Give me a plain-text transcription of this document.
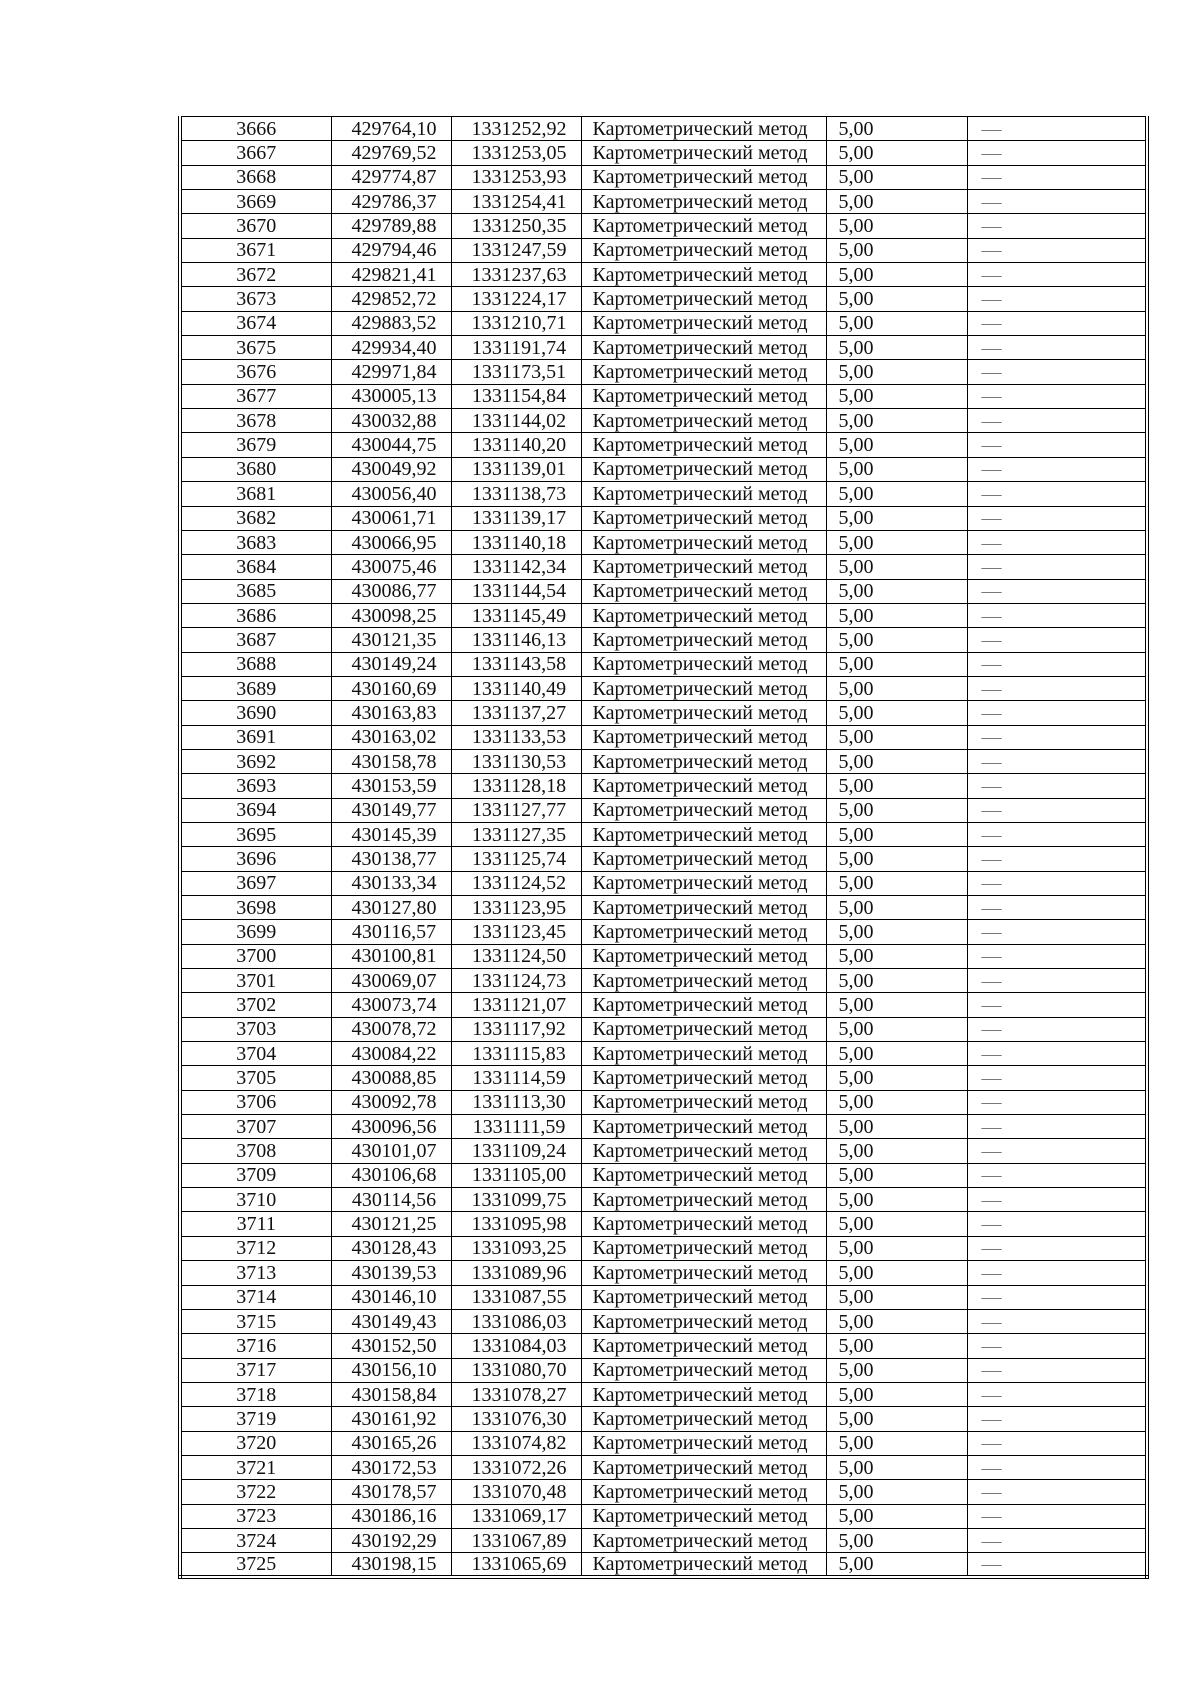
3666	429764,10	1331252,92	Картометрический метод	5,00	—
3667	429769,52	1331253,05	Картометрический метод	5,00	—
3668	429774,87	1331253,93	Картометрический метод	5,00	—
3669	429786,37	1331254,41	Картометрический метод	5,00	—
3670	429789,88	1331250,35	Картометрический метод	5,00	—
3671	429794,46	1331247,59	Картометрический метод	5,00	—
3672	429821,41	1331237,63	Картометрический метод	5,00	—
3673	429852,72	1331224,17	Картометрический метод	5,00	—
3674	429883,52	1331210,71	Картометрический метод	5,00	—
3675	429934,40	1331191,74	Картометрический метод	5,00	—
3676	429971,84	1331173,51	Картометрический метод	5,00	—
3677	430005,13	1331154,84	Картометрический метод	5,00	—
3678	430032,88	1331144,02	Картометрический метод	5,00	—
3679	430044,75	1331140,20	Картометрический метод	5,00	—
3680	430049,92	1331139,01	Картометрический метод	5,00	—
3681	430056,40	1331138,73	Картометрический метод	5,00	—
3682	430061,71	1331139,17	Картометрический метод	5,00	—
3683	430066,95	1331140,18	Картометрический метод	5,00	—
3684	430075,46	1331142,34	Картометрический метод	5,00	—
3685	430086,77	1331144,54	Картометрический метод	5,00	—
3686	430098,25	1331145,49	Картометрический метод	5,00	—
3687	430121,35	1331146,13	Картометрический метод	5,00	—
3688	430149,24	1331143,58	Картометрический метод	5,00	—
3689	430160,69	1331140,49	Картометрический метод	5,00	—
3690	430163,83	1331137,27	Картометрический метод	5,00	—
3691	430163,02	1331133,53	Картометрический метод	5,00	—
3692	430158,78	1331130,53	Картометрический метод	5,00	—
3693	430153,59	1331128,18	Картометрический метод	5,00	—
3694	430149,77	1331127,77	Картометрический метод	5,00	—
3695	430145,39	1331127,35	Картометрический метод	5,00	—
3696	430138,77	1331125,74	Картометрический метод	5,00	—
3697	430133,34	1331124,52	Картометрический метод	5,00	—
3698	430127,80	1331123,95	Картометрический метод	5,00	—
3699	430116,57	1331123,45	Картометрический метод	5,00	—
3700	430100,81	1331124,50	Картометрический метод	5,00	—
3701	430069,07	1331124,73	Картометрический метод	5,00	—
3702	430073,74	1331121,07	Картометрический метод	5,00	—
3703	430078,72	1331117,92	Картометрический метод	5,00	—
3704	430084,22	1331115,83	Картометрический метод	5,00	—
3705	430088,85	1331114,59	Картометрический метод	5,00	—
3706	430092,78	1331113,30	Картометрический метод	5,00	—
3707	430096,56	1331111,59	Картометрический метод	5,00	—
3708	430101,07	1331109,24	Картометрический метод	5,00	—
3709	430106,68	1331105,00	Картометрический метод	5,00	—
3710	430114,56	1331099,75	Картометрический метод	5,00	—
3711	430121,25	1331095,98	Картометрический метод	5,00	—
3712	430128,43	1331093,25	Картометрический метод	5,00	—
3713	430139,53	1331089,96	Картометрический метод	5,00	—
3714	430146,10	1331087,55	Картометрический метод	5,00	—
3715	430149,43	1331086,03	Картометрический метод	5,00	—
3716	430152,50	1331084,03	Картометрический метод	5,00	—
3717	430156,10	1331080,70	Картометрический метод	5,00	—
3718	430158,84	1331078,27	Картометрический метод	5,00	—
3719	430161,92	1331076,30	Картометрический метод	5,00	—
3720	430165,26	1331074,82	Картометрический метод	5,00	—
3721	430172,53	1331072,26	Картометрический метод	5,00	—
3722	430178,57	1331070,48	Картометрический метод	5,00	—
3723	430186,16	1331069,17	Картометрический метод	5,00	—
3724	430192,29	1331067,89	Картометрический метод	5,00	—
3725	430198,15	1331065,69	Картометрический метод	5,00	—
